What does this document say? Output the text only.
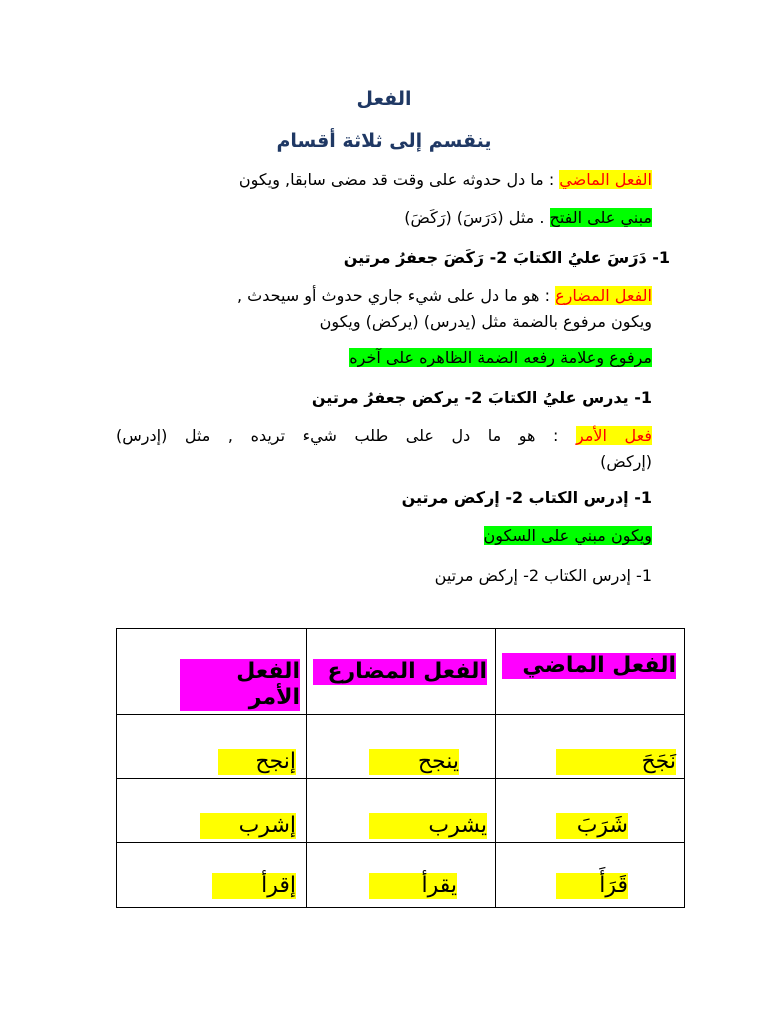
الفعل
ينقسم إلى ثلاثة أقسام
الفعل الماضي : ما دل حدوثه على وقت قد مضى سابقا, ويكون
مبني على الفتح . مثل (دَرَسَ) (رَكَضَ)
1- دَرَسَ عليُ الكتابَ 2- رَكَضَ جعفرُ مرتين
الفعل المضارع : هو ما دل على شيء جاري حدوث أو سيحدث ,
ويكون مرفوع بالضمة مثل (يدرس) (يركض) ويكون
مرفوع وعلامة رفعه الضمة الظاهره على آخره
1- يدرس عليُ الكتابَ 2- يركض جعفرُ مرتين
فعل الأمر : هو ما دل على طلب شيء تريده , مثل (إدرس)
(إركض)
1- إدرس الكتاب 2- إركض مرتين
ويكون مبني على السكون
1- إدرس الكتاب 2- إركض مرتين
الفعل الماضي	الفعل المضارع	الفعل الأمر

نَجَحَ	ينجح	إنجح

شَرَبَ	يشرب	إشرب

قَرَأَ	يقرأ	إقرأ
